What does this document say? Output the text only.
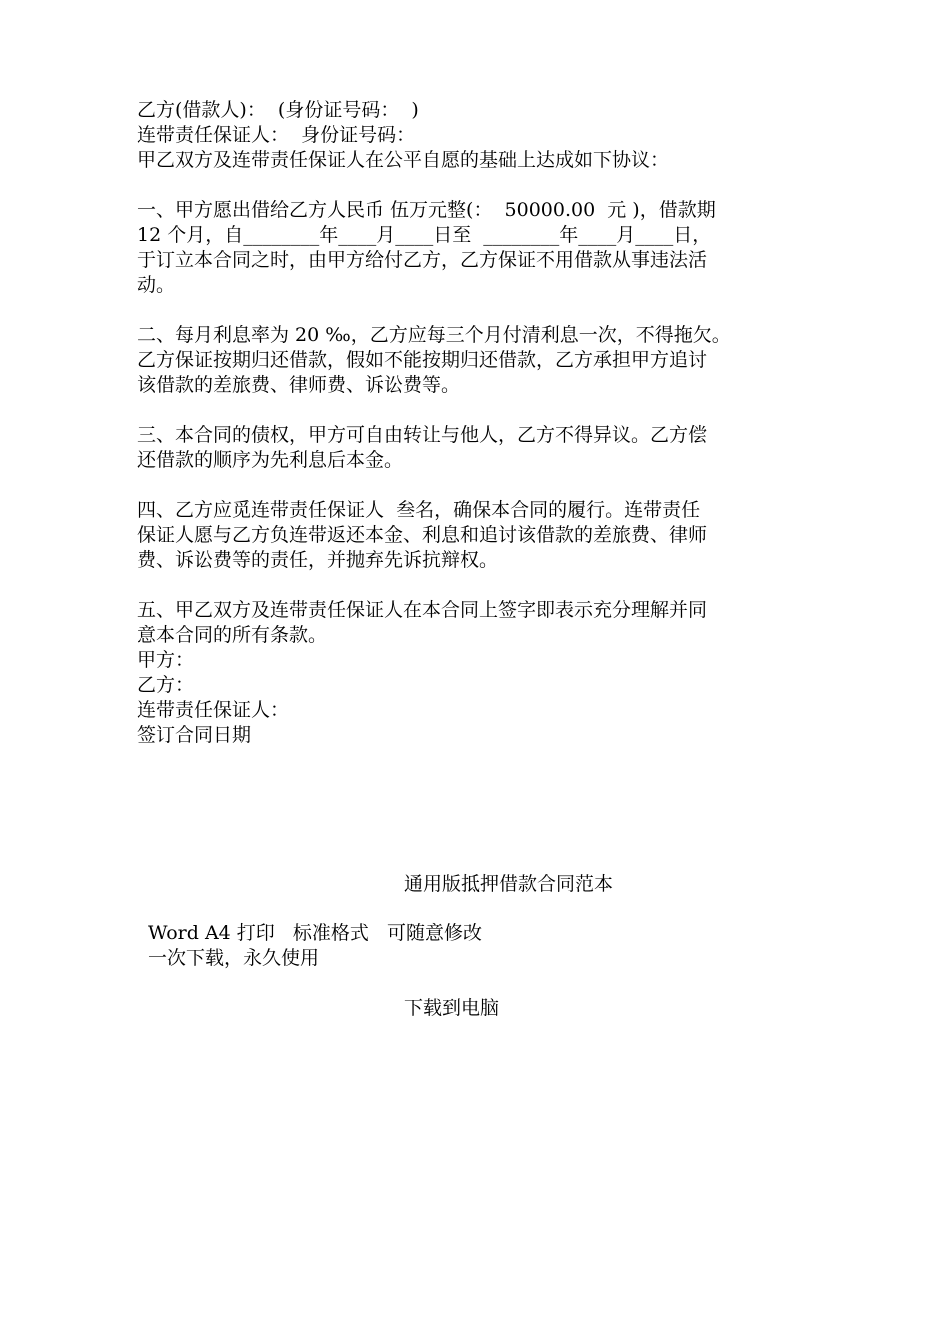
乙方(借款人)：  (身份证号码：  )
连带责任保证人：  身份证号码：
甲乙双方及连带责任保证人在公平自愿的基础上达成如下协议：
一、甲方愿出借给乙方人民币 伍万元整(：  50000.00  元 )，借款期
12 个月，自________年____月____日至  ________年____月____日，
于订立本合同之时，由甲方给付乙方，乙方保证不用借款从事违法活
动。
二、每月利息率为 20 ‰，乙方应每三个月付清利息一次，不得拖欠。
乙方保证按期归还借款，假如不能按期归还借款，乙方承担甲方追讨
该借款的差旅费、律师费、诉讼费等。
三、本合同的债权，甲方可自由转让与他人，乙方不得异议。乙方偿
还借款的顺序为先利息后本金。
四、乙方应觅连带责任保证人  叁名，确保本合同的履行。连带责任
保证人愿与乙方负连带返还本金、利息和追讨该借款的差旅费、律师
费、诉讼费等的责任，并抛弃先诉抗辩权。
五、甲乙双方及连带责任保证人在本合同上签字即表示充分理解并同
意本合同的所有条款。
甲方：
乙方：
连带责任保证人：
签订合同日期
通用版抵押借款合同范本
Word A4 打印   标准格式   可随意修改
一次下载，永久使用
下载到电脑
